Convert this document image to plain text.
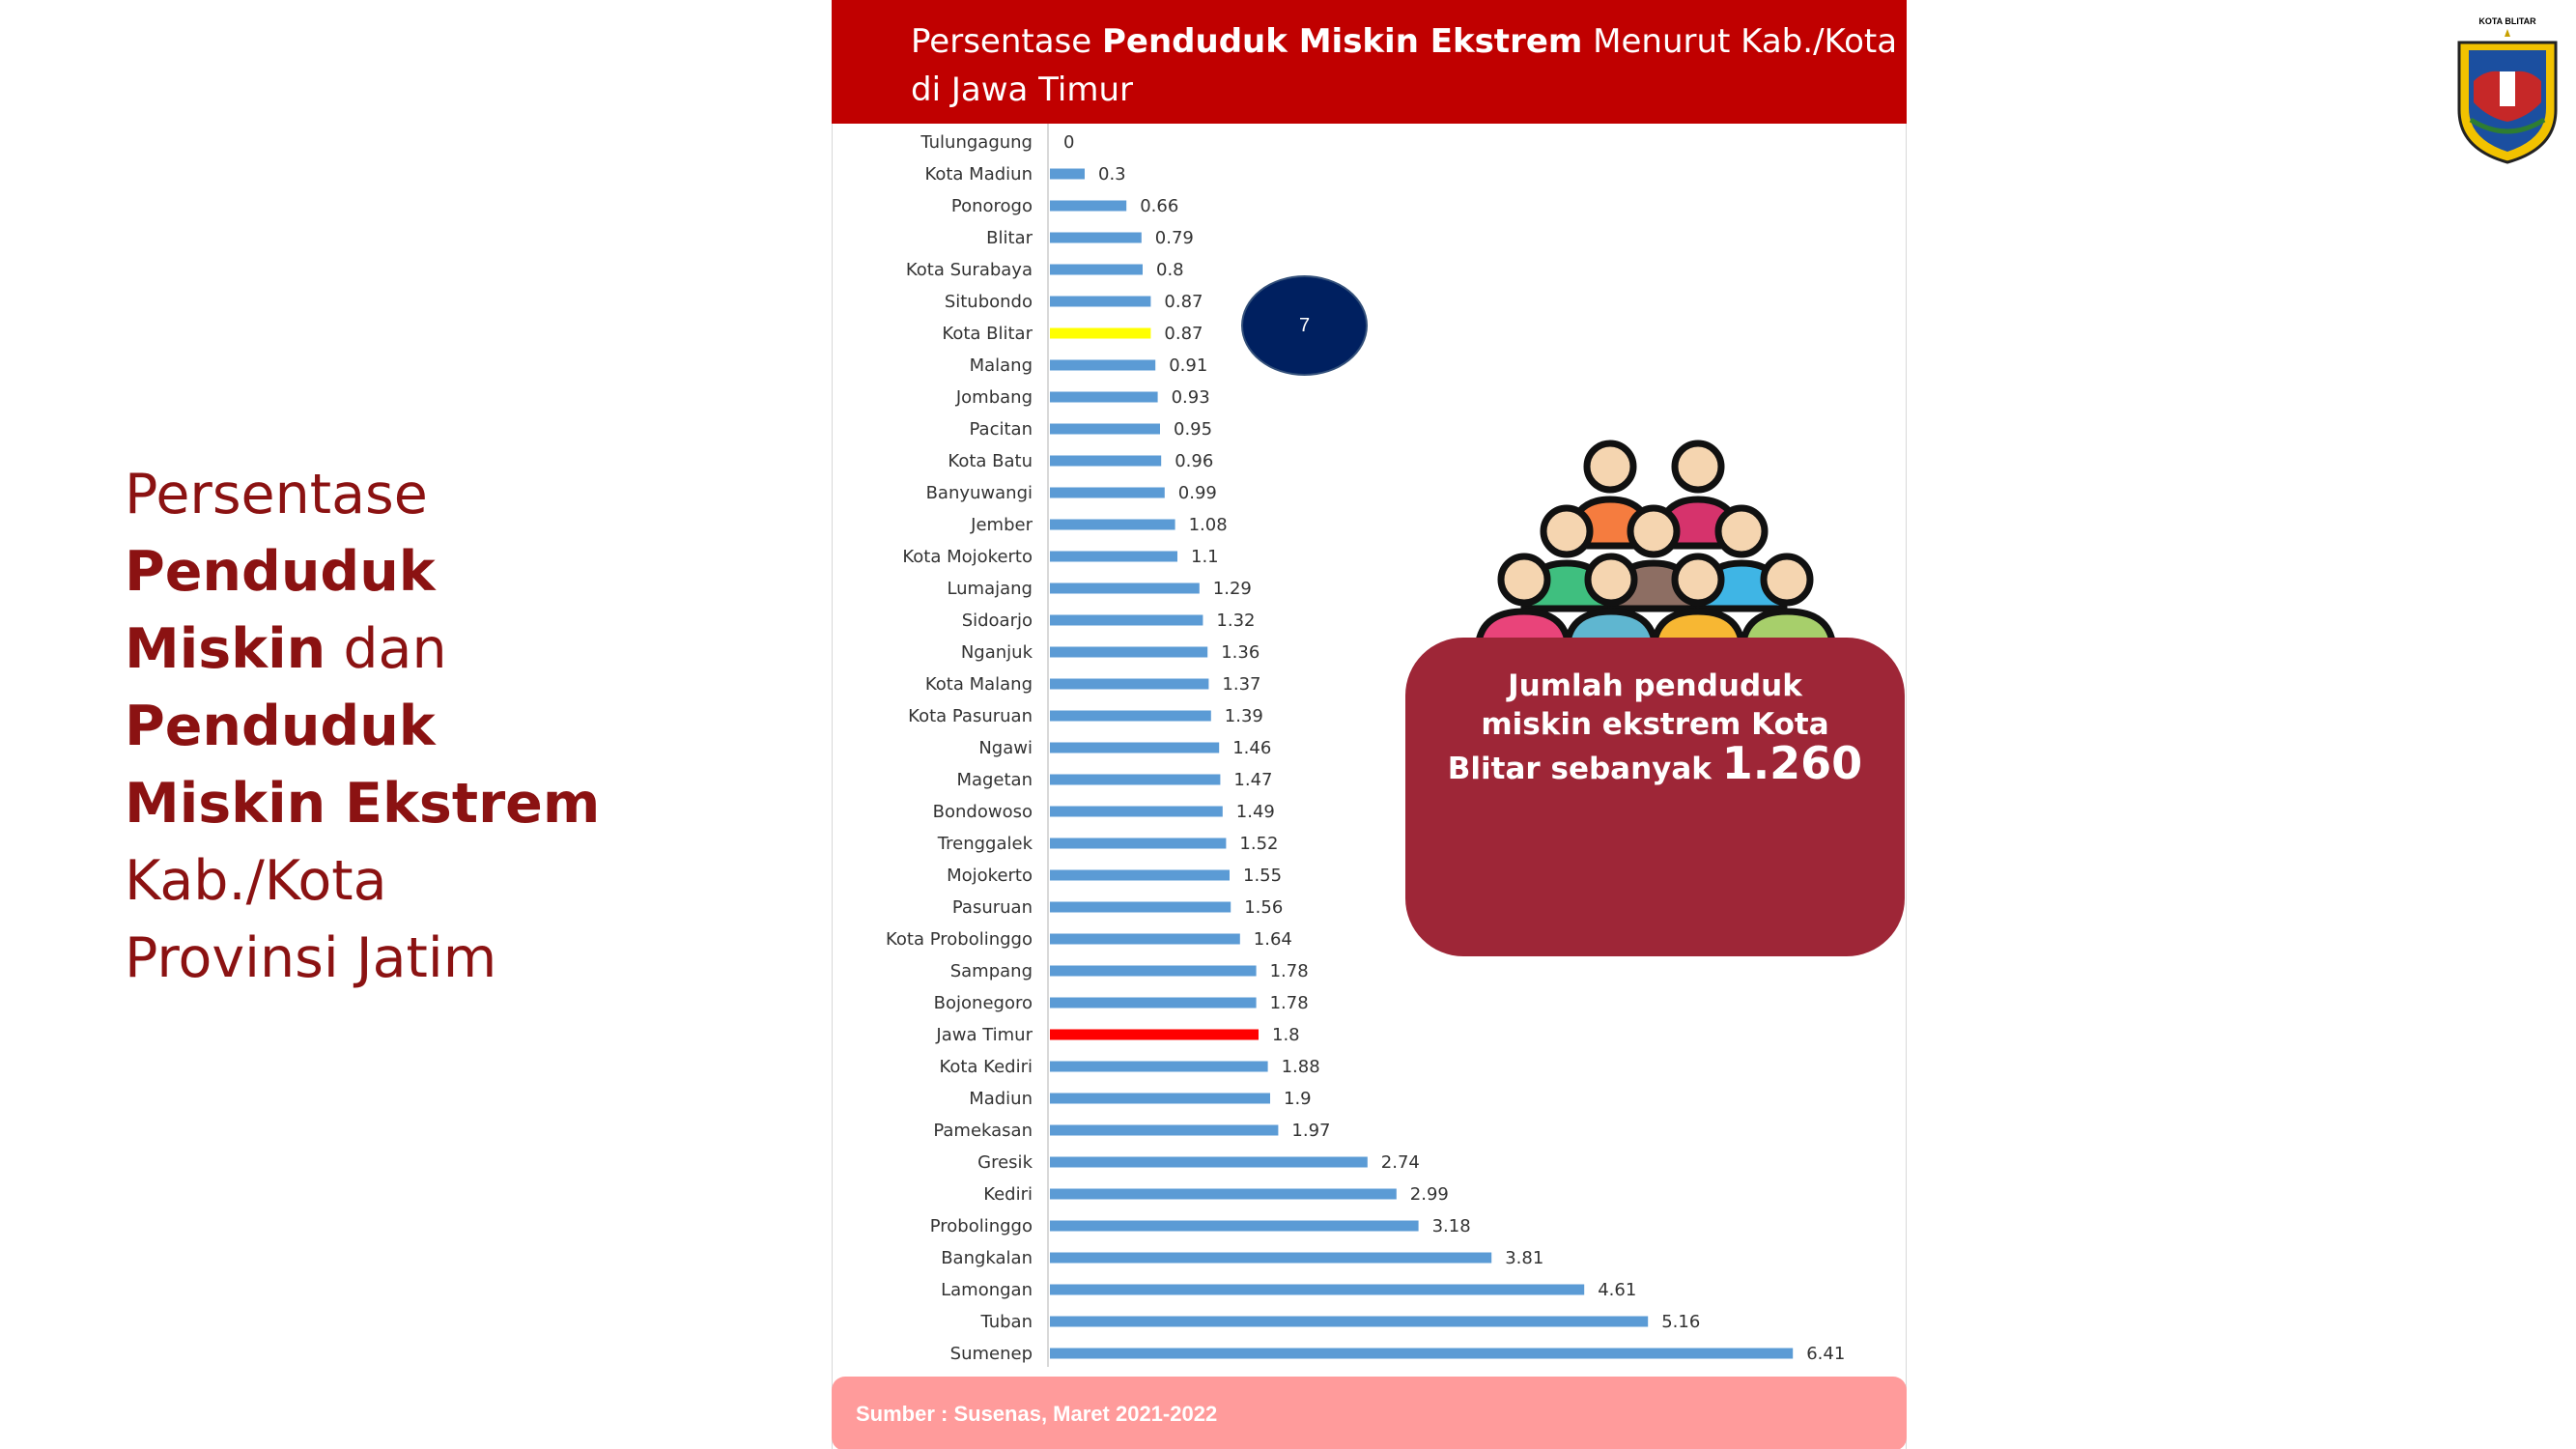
Persentase
Penduduk
Miskin dan
Penduduk
Miskin Ekstrem
Kab./Kota
Provinsi Jatim
KOTA BLITAR
Persentase Penduduk Miskin Ekstrem Menurut Kab./Kota
di Jawa Timur
Tulungagung 0
Kota Madiun	0.3
Ponorogo	0.66
Blitar	0.79
Kota Surabaya	0.8
Situbondo	0.87
Kota Blitar	0.87
Malang	0.91
Jombang	0.93
Pacitan	0.95
Kota Batu	0.96
Banyuwangi	0.99
Jember	1.08
Kota Mojokerto	1.1
Lumajang	1.29
Sidoarjo	1.32
Nganjuk	1.36
Kota Malang	1.37
Kota Pasuruan	1.39
Ngawi	1.46
Magetan	1.47
Bondowoso	1.49
Trenggalek	1.52
Mojokerto	1.55
Pasuruan	1.56
Kota Probolinggo	1.64
Sampang	1.78
Bojonegoro	1.78
Jawa Timur	1.8
Kota Kediri	1.88
Madiun	1.9
Pamekasan	1.97
Gresik	2.74
Kediri	2.99
Probolinggo	3.18
Bangkalan	3.81
Lamongan	4.61
Tuban	5.16
Sumenep	6.41
7
Jumlah penduduk
miskin ekstrem Kota
Blitar sebanyak 1.260
Sumber : Susenas, Maret 2021-2022
